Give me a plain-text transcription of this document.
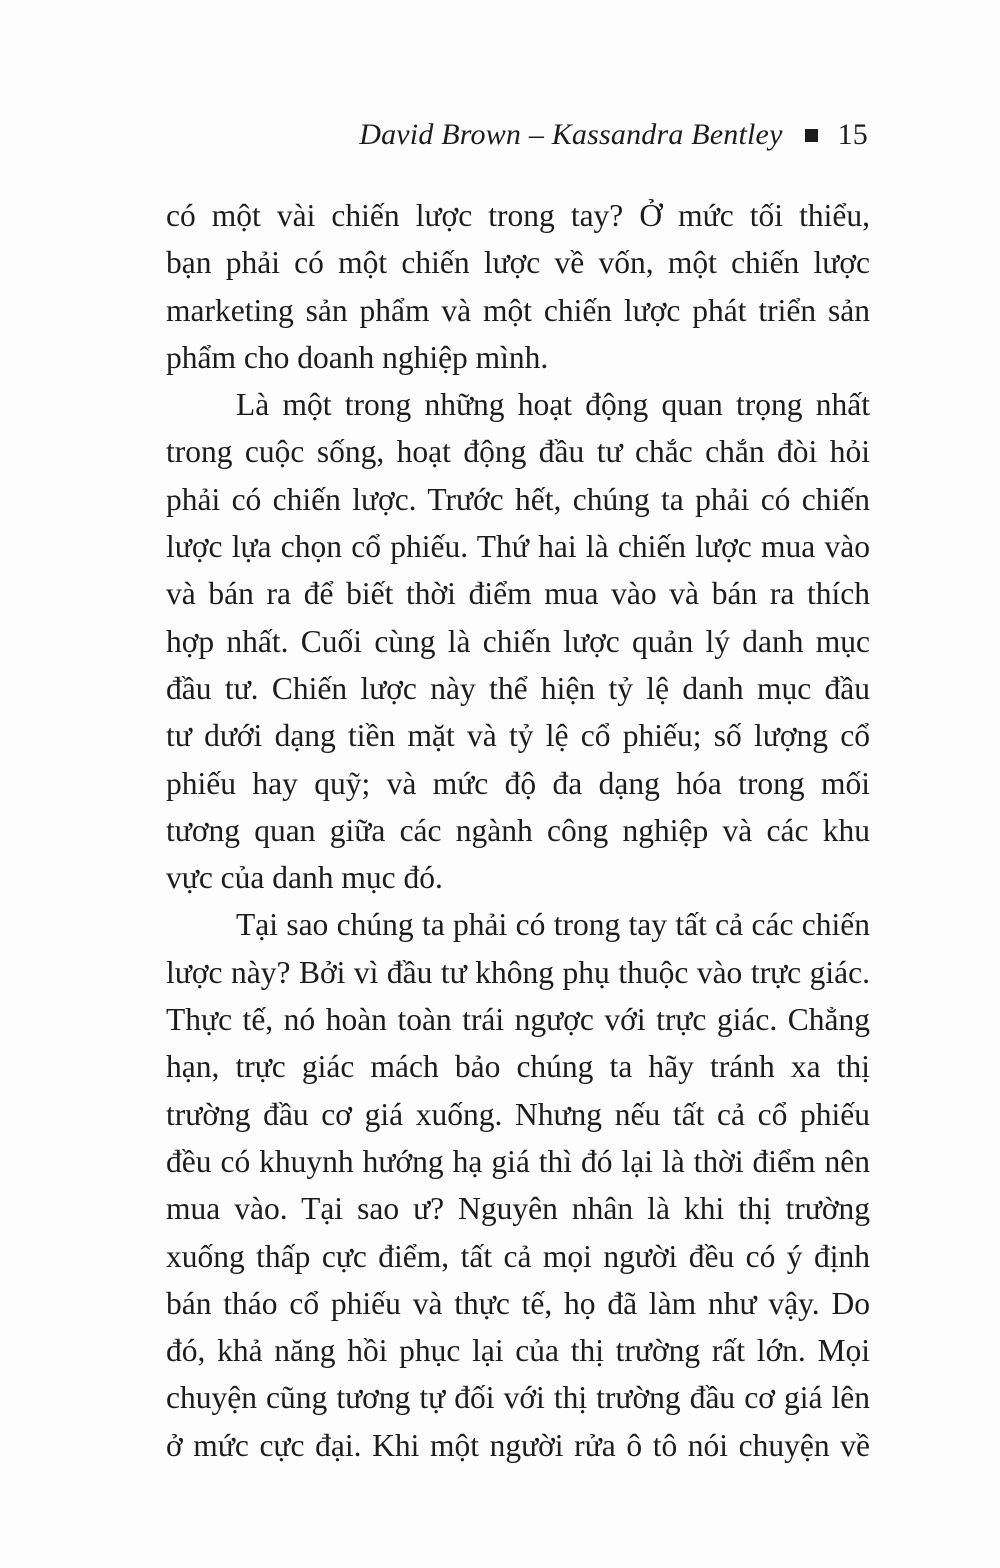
David Brown – Kassandra Bentley 15
có một vài chiến lược trong tay? Ở mức tối thiểu,
bạn phải có một chiến lược về vốn, một chiến lược
marketing sản phẩm và một chiến lược phát triển sản
phẩm cho doanh nghiệp mình.
Là một trong những hoạt động quan trọng nhất
trong cuộc sống, hoạt động đầu tư chắc chắn đòi hỏi
phải có chiến lược. Trước hết, chúng ta phải có chiến
lược lựa chọn cổ phiếu. Thứ hai là chiến lược mua vào
và bán ra để biết thời điểm mua vào và bán ra thích
hợp nhất. Cuối cùng là chiến lược quản lý danh mục
đầu tư. Chiến lược này thể hiện tỷ lệ danh mục đầu
tư dưới dạng tiền mặt và tỷ lệ cổ phiếu; số lượng cổ
phiếu hay quỹ; và mức độ đa dạng hóa trong mối
tương quan giữa các ngành công nghiệp và các khu
vực của danh mục đó.
Tại sao chúng ta phải có trong tay tất cả các chiến
lược này? Bởi vì đầu tư không phụ thuộc vào trực giác.
Thực tế, nó hoàn toàn trái ngược với trực giác. Chẳng
hạn, trực giác mách bảo chúng ta hãy tránh xa thị
trường đầu cơ giá xuống. Nhưng nếu tất cả cổ phiếu
đều có khuynh hướng hạ giá thì đó lại là thời điểm nên
mua vào. Tại sao ư? Nguyên nhân là khi thị trường
xuống thấp cực điểm, tất cả mọi người đều có ý định
bán tháo cổ phiếu và thực tế, họ đã làm như vậy. Do
đó, khả năng hồi phục lại của thị trường rất lớn. Mọi
chuyện cũng tương tự đối với thị trường đầu cơ giá lên
ở mức cực đại. Khi một người rửa ô tô nói chuyện về
